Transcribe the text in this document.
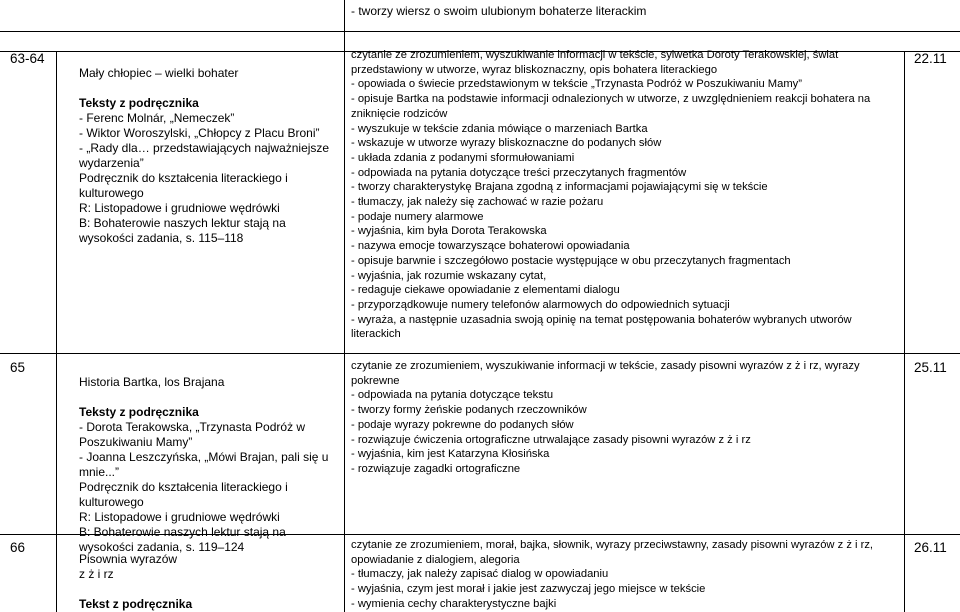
- tworzy wiersz o swoim ulubionym bohaterze literackim
63-64
Mały chłopiec – wielki bohater
Teksty z podręcznika
- Ferenc Molnár, „Nemeczek”
- Wiktor Woroszylski, „Chłopcy z Placu Broni”
- „Rady dla… przedstawiających najważniejsze wydarzenia”
Podręcznik do kształcenia literackiego i kulturowego
R: Listopadowe i grudniowe wędrówki
B: Bohaterowie naszych lektur stają na wysokości zadania, s. 115–118
czytanie ze zrozumieniem, wyszukiwanie informacji w tekście, sylwetka Doroty Terakowskiej, świat przedstawiony w utworze, wyraz bliskoznaczny, opis bohatera literackiego
- opowiada o świecie przedstawionym w tekście „Trzynasta Podróż w Poszukiwaniu Mamy”
- opisuje Bartka na podstawie informacji odnalezionych w utworze, z uwzględnieniem reakcji bohatera na zniknięcie rodziców
- wyszukuje w tekście zdania mówiące o marzeniach Bartka
- wskazuje w utworze wyrazy bliskoznaczne do podanych słów
- układa zdania z podanymi sformułowaniami
- odpowiada na pytania dotyczące treści przeczytanych fragmentów
- tworzy charakterystykę Brajana zgodną z informacjami pojawiającymi się w tekście
- tłumaczy, jak należy się zachować w razie pożaru
- podaje numery alarmowe
- wyjaśnia, kim była Dorota Terakowska
- nazywa emocje towarzyszące bohaterowi opowiadania
- opisuje barwnie i szczegółowo postacie występujące w obu przeczytanych fragmentach
- wyjaśnia, jak rozumie wskazany cytat,
- redaguje ciekawe opowiadanie z elementami dialogu
- przyporządkowuje numery telefonów alarmowych do odpowiednich sytuacji
- wyraża, a następnie uzasadnia swoją opinię na temat postępowania bohaterów wybranych utworów literackich
22.11
65
Historia Bartka, los Brajana
Teksty z podręcznika
- Dorota Terakowska, „Trzynasta Podróż w Poszukiwaniu Mamy”
- Joanna Leszczyńska, „Mówi Brajan, pali się u mnie...”
Podręcznik do kształcenia literackiego i kulturowego
R: Listopadowe i grudniowe wędrówki
B: Bohaterowie naszych lektur stają na wysokości zadania, s. 119–124
czytanie ze zrozumieniem, wyszukiwanie informacji w tekście, zasady pisowni wyrazów z ż i rz, wyrazy pokrewne
- odpowiada na pytania dotyczące tekstu
- tworzy formy żeńskie podanych rzeczowników
- podaje wyrazy pokrewne do podanych słów
- rozwiązuje ćwiczenia ortograficzne utrwalające zasady pisowni wyrazów z ż i rz
- wyjaśnia, kim jest Katarzyna Kłosińska
- rozwiązuje zagadki ortograficzne
25.11
66
Pisownia wyrazów
z ż i rz
Tekst z podręcznika
czytanie ze zrozumieniem, morał, bajka, słownik, wyrazy przeciwstawny, zasady pisowni wyrazów z ż i rz, opowiadanie z dialogiem, alegoria
- tłumaczy, jak należy zapisać dialog w opowiadaniu
- wyjaśnia, czym jest morał i jakie jest zazwyczaj jego miejsce w tekście
- wymienia cechy charakterystyczne bajki
26.11
